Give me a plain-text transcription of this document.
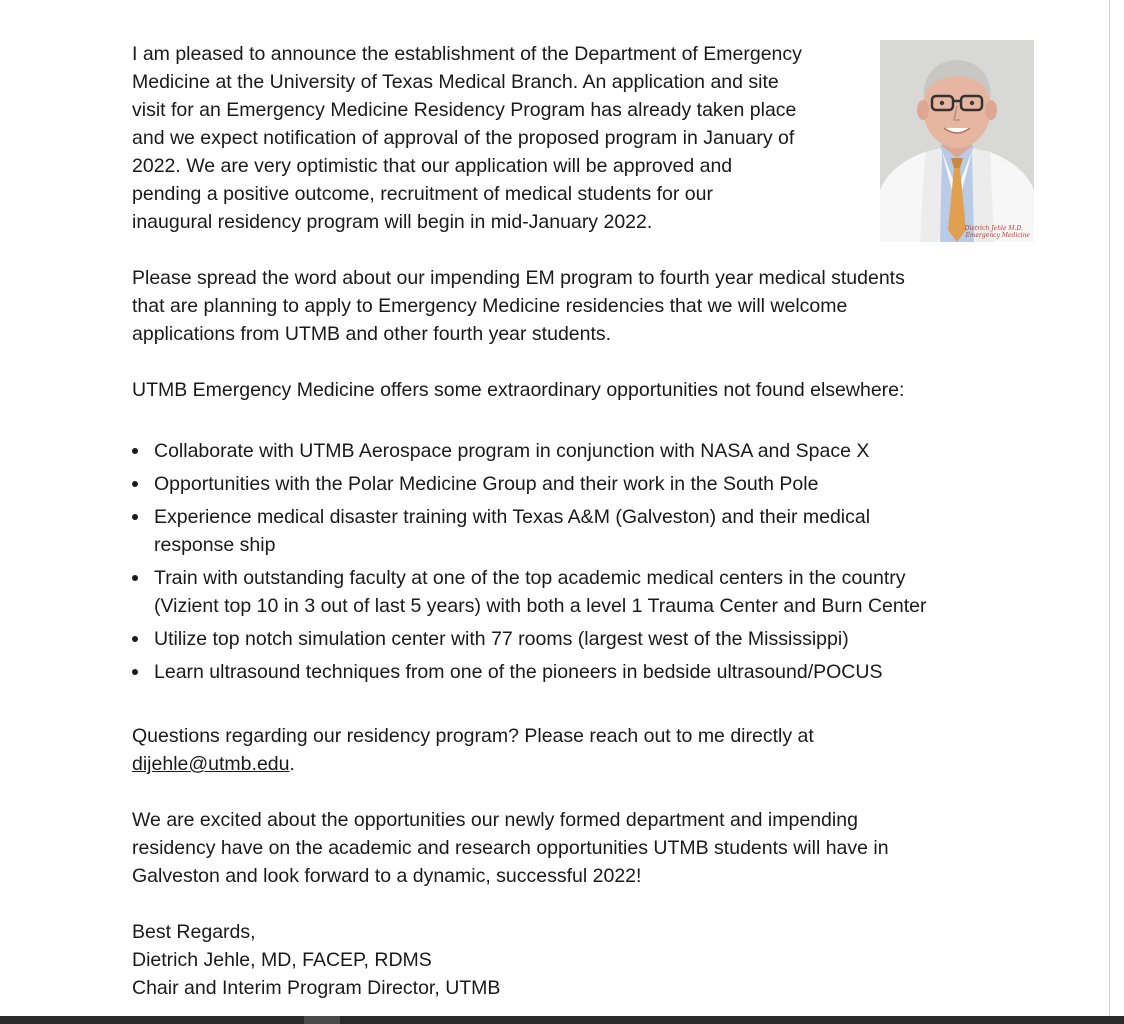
I am pleased to announce the establishment of the Department of Emergency
Medicine at the University of Texas Medical Branch. An application and site
visit for an Emergency Medicine Residency Program has already taken place
and we expect notification of approval of the proposed program in January of
2022. We are very optimistic that our application will be approved and
pending a positive outcome, recruitment of medical students for our
inaugural residency program will begin in mid-January 2022.

Please spread the word about our impending EM program to fourth year medical students
that are planning to apply to Emergency Medicine residencies that we will welcome
applications from UTMB and other fourth year students.

UTMB Emergency Medicine offers some extraordinary opportunities not found elsewhere:

Collaborate with UTMB Aerospace program in conjunction with NASA and Space X
Opportunities with the Polar Medicine Group and their work in the South Pole
Experience medical disaster training with Texas A&M (Galveston) and their medical
response ship
Train with outstanding faculty at one of the top academic medical centers in the country
(Vizient top 10 in 3 out of last 5 years) with both a level 1 Trauma Center and Burn Center
Utilize top notch simulation center with 77 rooms (largest west of the Mississippi)
Learn ultrasound techniques from one of the pioneers in bedside ultrasound/POCUS

Questions regarding our residency program? Please reach out to me directly at
dijehle@utmb.edu.

We are excited about the opportunities our newly formed department and impending
residency have on the academic and research opportunities UTMB students will have in
Galveston and look forward to a dynamic, successful 2022!

Best Regards,
Dietrich Jehle, MD, FACEP, RDMS
Chair and Interim Program Director, UTMB

Dietrich Jehle M.D.
Emergency Medicine
